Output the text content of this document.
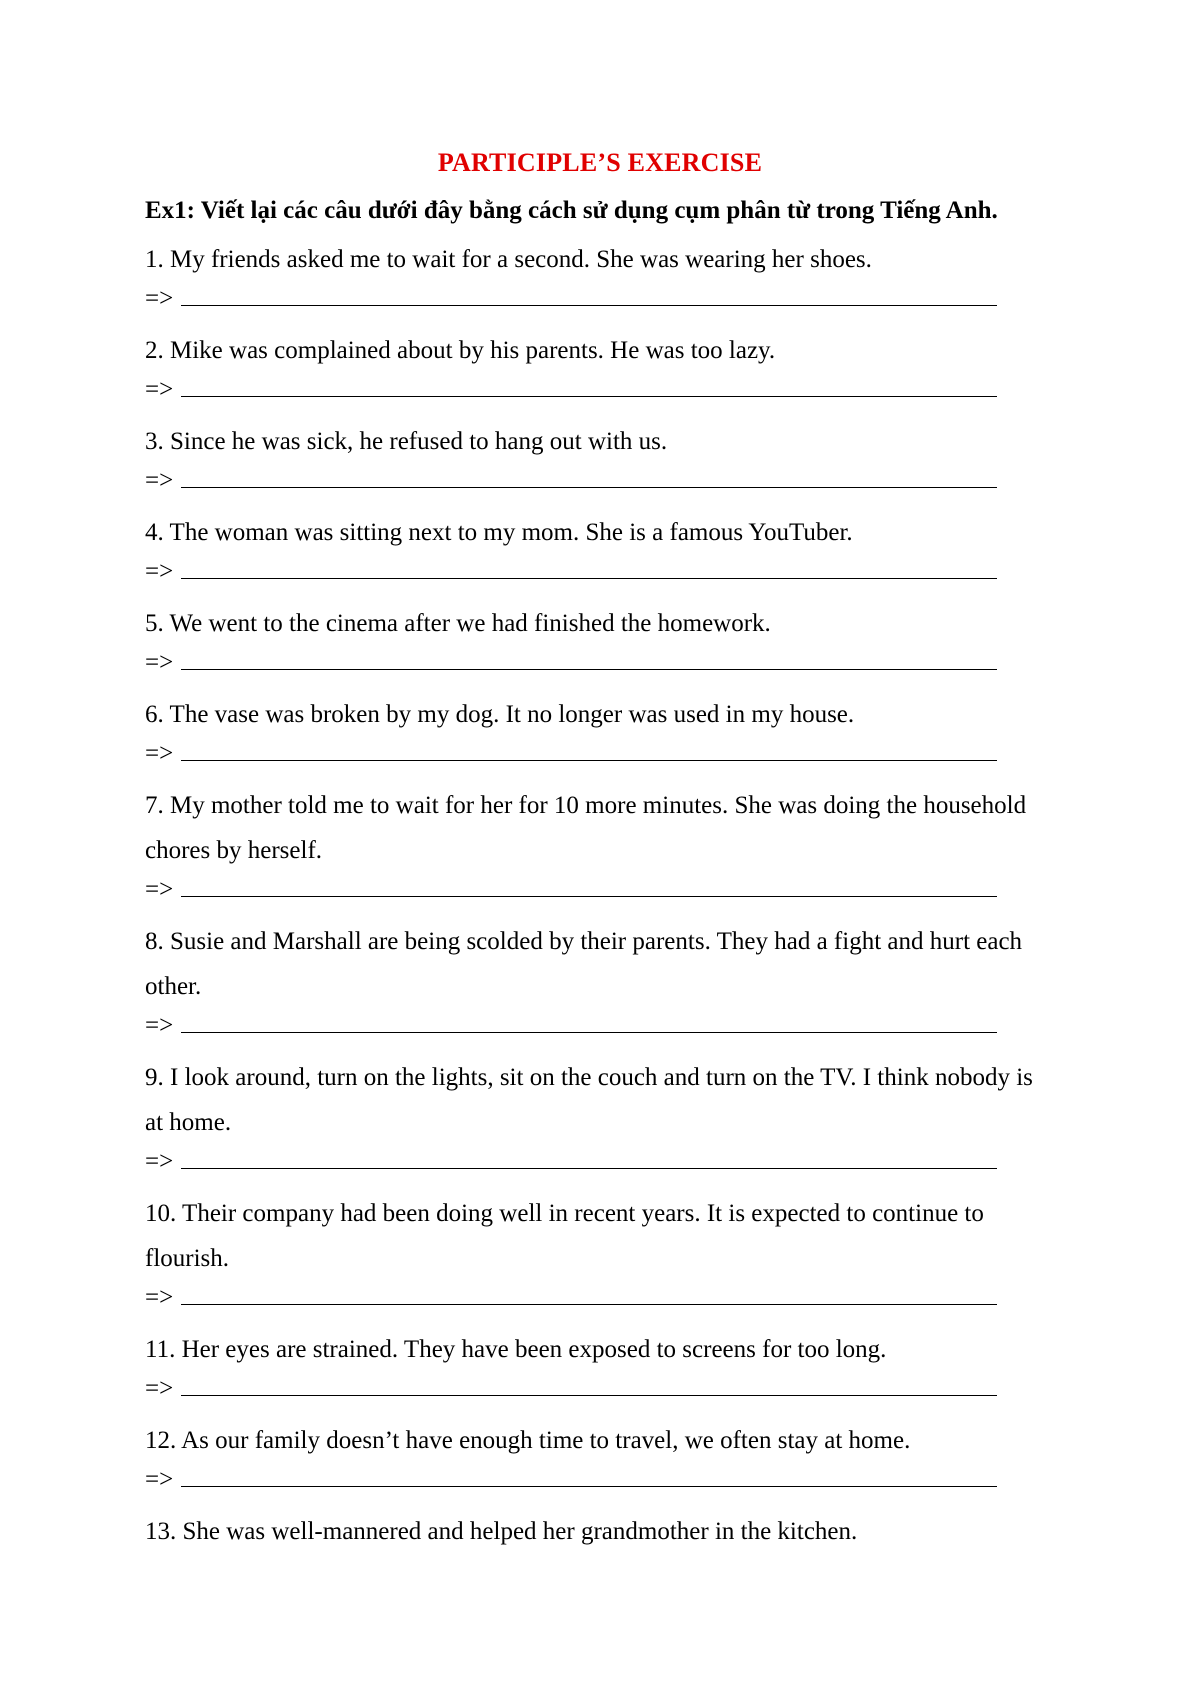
PARTICIPLE’S EXERCISE
Ex1: Viết lại các câu dưới đây bằng cách sử dụng cụm phân từ trong Tiếng Anh.
1. My friends asked me to wait for a second. She was wearing her shoes.
=>
2. Mike was complained about by his parents. He was too lazy.
=>
3. Since he was sick, he refused to hang out with us.
=>
4. The woman was sitting next to my mom. She is a famous YouTuber.
=>
5. We went to the cinema after we had finished the homework.
=>
6. The vase was broken by my dog. It no longer was used in my house.
=>
7. My mother told me to wait for her for 10 more minutes. She was doing the household chores by herself.
=>
8. Susie and Marshall are being scolded by their parents. They had a fight and hurt each other.
=>
9. I look around, turn on the lights, sit on the couch and turn on the TV. I think nobody is at home.
=>
10. Their company had been doing well in recent years. It is expected to continue to flourish.
=>
11. Her eyes are strained. They have been exposed to screens for too long.
=>
12. As our family doesn’t have enough time to travel, we often stay at home.
=>
13. She was well-mannered and helped her grandmother in the kitchen.
